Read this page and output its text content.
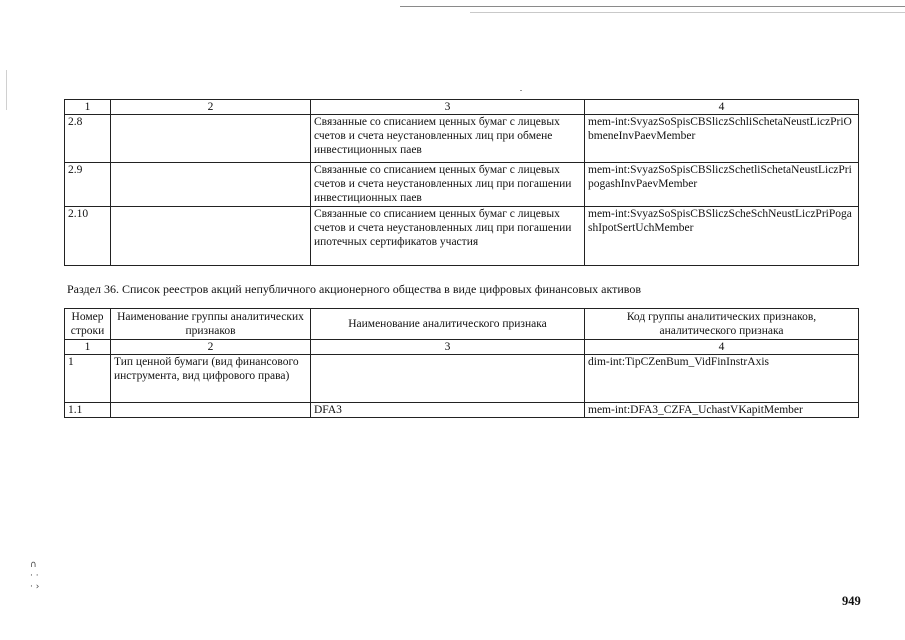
1	2	3	4
2.8		Связанные со списанием ценных бумаг с лицевых счетов и счета неустановленных лиц при обмене инвестиционных паев	mem-int:SvyazSoSpisCBSliczSchliSchetaNeustLiczPriObmeneInvPaevMember
2.9		Связанные со списанием ценных бумаг с лицевых счетов и счета неустановленных лиц при погашении инвестиционных паев	mem-int:SvyazSoSpisCBSliczSchetliSchetaNeustLiczPripogashInvPaevMember
2.10		Связанные со списанием ценных бумаг с лицевых счетов и счета неустановленных лиц при погашении ипотечных сертификатов участия	mem-int:SvyazSoSpisCBSliczScheSchNeustLiczPriPogashIpotSertUchMember
Раздел 36. Список реестров акций непубличного акционерного общества в виде цифровых финансовых активов
Номер строки	Наименование группы аналитических признаков	Наименование аналитического признака	Код группы аналитических признаков, аналитического признака
1	2	3	4
1	Тип ценной бумаги (вид финансового инструмента, вид цифрового права)		dim-int:TipCZenBum_VidFinInstrAxis
1.1		DFA3	mem-int:DFA3_CZFA_UchastVKapitMember
∩
· ·
· ›
949
